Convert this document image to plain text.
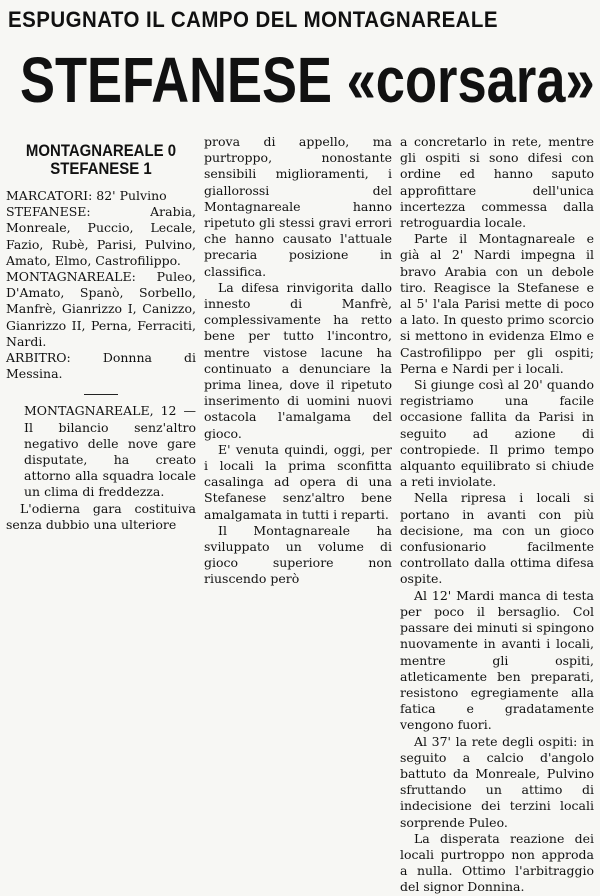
ESPUGNATO IL CAMPO DEL MONTAGNAREALE
STEFANESE «corsara»
MONTAGNAREALE 0
STEFANESE 1

MARCATORI: 82' Pulvino

STEFANESE:	Arabia, Monreale, Puccio, Lecale, Fazio, Rubè, Parisi, Pulvino, Amato, Elmo, Castrofilippo.

MONTAGNAREALE: Puleo, D'Amato, Spanò, Sorbello, Manfrè, Gianrizzo I, Canizzo, Gianrizzo II, Perna, Ferraciti, Nardi.

ARBITRO:	Donnna di Messina.

MONTAGNAREALE, 12 — Il bilancio senz'altro negativo delle nove gare disputate, ha creato attorno alla squadra locale un clima di freddezza.

L'odierna gara costituiva senza dubbio una ulteriore

prova di appello, ma purtroppo, nonostante sensibili miglioramenti, i giallorossi del Montagnareale hanno ripetuto gli stessi gravi errori che hanno causato l'attuale precaria posizione in classifica.

La difesa rinvigorita dallo innesto di Manfrè, complessivamente ha retto bene per tutto l'incontro, mentre vistose lacune ha continuato a denunciare la prima linea, dove il ripetuto inserimento di uomini nuovi ostacola l'amalgama del gioco.

E' venuta quindi, oggi, per i locali la prima sconfitta casalinga ad opera di una Stefanese senz'altro bene amalgamata in tutti i reparti.

Il Montagnareale ha sviluppato un volume di gioco superiore non riuscendo però

a concretarlo in rete, mentre gli ospiti si sono difesi con ordine ed hanno saputo approfittare dell'unica incertezza commessa dalla retroguardia locale.

Parte il Montagnareale e già al 2' Nardi impegna il bravo Arabia con un debole tiro. Reagisce la Stefanese e al 5' l'ala Parisi mette di poco a lato. In questo primo scorcio si mettono in evidenza Elmo e Castrofilippo per gli ospiti; Perna e Nardi per i locali.

Si giunge così al 20' quando registriamo una facile occasione fallita da Parisi in seguito ad azione di contropiede. Il primo tempo alquanto equilibrato si chiude a reti inviolate.

Nella ripresa i locali si portano in avanti con più decisione, ma con un gioco confusionario facilmente controllato dalla ottima difesa ospite.

Al 12' Mardi manca di testa per poco il bersaglio. Col passare dei minuti si spingono nuovamente in avanti i locali, mentre gli ospiti, atleticamente ben preparati, resistono egregiamente alla fatica e gradatamente vengono fuori.

Al 37' la rete degli ospiti: in seguito a calcio d'angolo battuto da Monreale, Pulvino sfruttando un attimo di indecisione dei terzini locali sorprende Puleo.

La disperata reazione dei locali purtroppo non approda a nulla. Ottimo l'arbitraggio del signor Donnina.
